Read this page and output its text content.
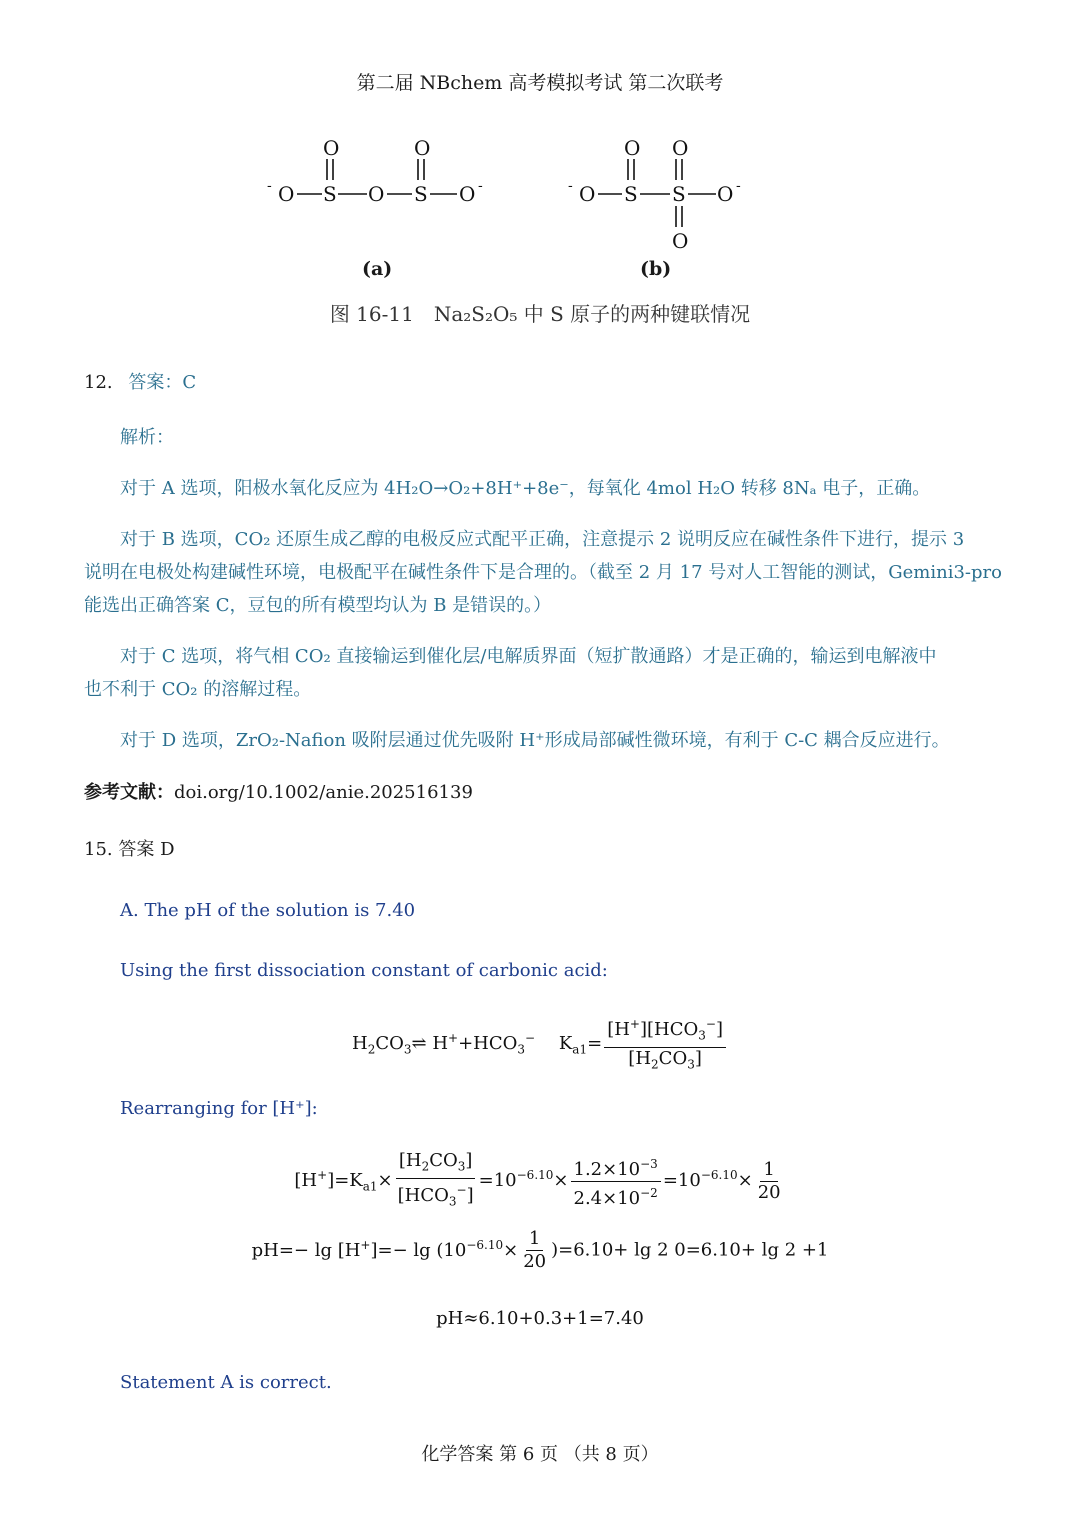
第二届 NBchem 高考模拟考试 第二次联考
- O S O S O -
O	O
- O S S O -
O O
O
(a)	(b)
图 16-11　Na₂S₂O₅ 中 S 原子的两种键联情况
12. 答案：C
解析：
对于 A 选项，阳极水氧化反应为 4H₂O→O₂+8H⁺+8e⁻，每氧化 4mol H₂O 转移 8Nₐ 电子，正确。
对于 B 选项，CO₂ 还原生成乙醇的电极反应式配平正确，注意提示 2 说明反应在碱性条件下进行，提示 3
说明在电极处构建碱性环境，电极配平在碱性条件下是合理的。（截至 2 月 17 号对人工智能的测试，Gemini3-pro
能选出正确答案 C，豆包的所有模型均认为 B 是错误的。）
对于 C 选项，将气相 CO₂ 直接输运到催化层/电解质界面（短扩散通路）才是正确的，输运到电解液中
也不利于 CO₂ 的溶解过程。
对于 D 选项，ZrO₂-Nafion 吸附层通过优先吸附 H⁺形成局部碱性微环境，有利于 C-C 耦合反应进行。
参考文献：doi.org/10.1002/anie.202516139
15. 答案 D
A. The pH of the solution is 7.40
Using the first dissociation constant of carbonic acid:
$H_2CO_3\rightleftharpoons$ $H^++HCO_3^-$ $K_{a1}= \frac{[H^+][HCO_3^-]}{[H_2CO_3]}$
Rearranging for [H⁺]:
$[H^+]=K_{a1}\times \frac{[H_2CO_3]}{[HCO_3^-]} =10^{-6.10}\times \frac{1.2\times 10^{-3}}{2.4\times 10^{-2}} =10^{-6.10}\times \frac{1}{20}$
$pH=- \lg [H^+]=- \lg (10^{-6.10}\times \frac{1}{20} )=6.10+ \lg 2$ 0=6.10+ lg 2 +1
pH≈6.10+0.3+1=7.40
Statement A is correct.
化学答案 第 6 页 （共 8 页）
